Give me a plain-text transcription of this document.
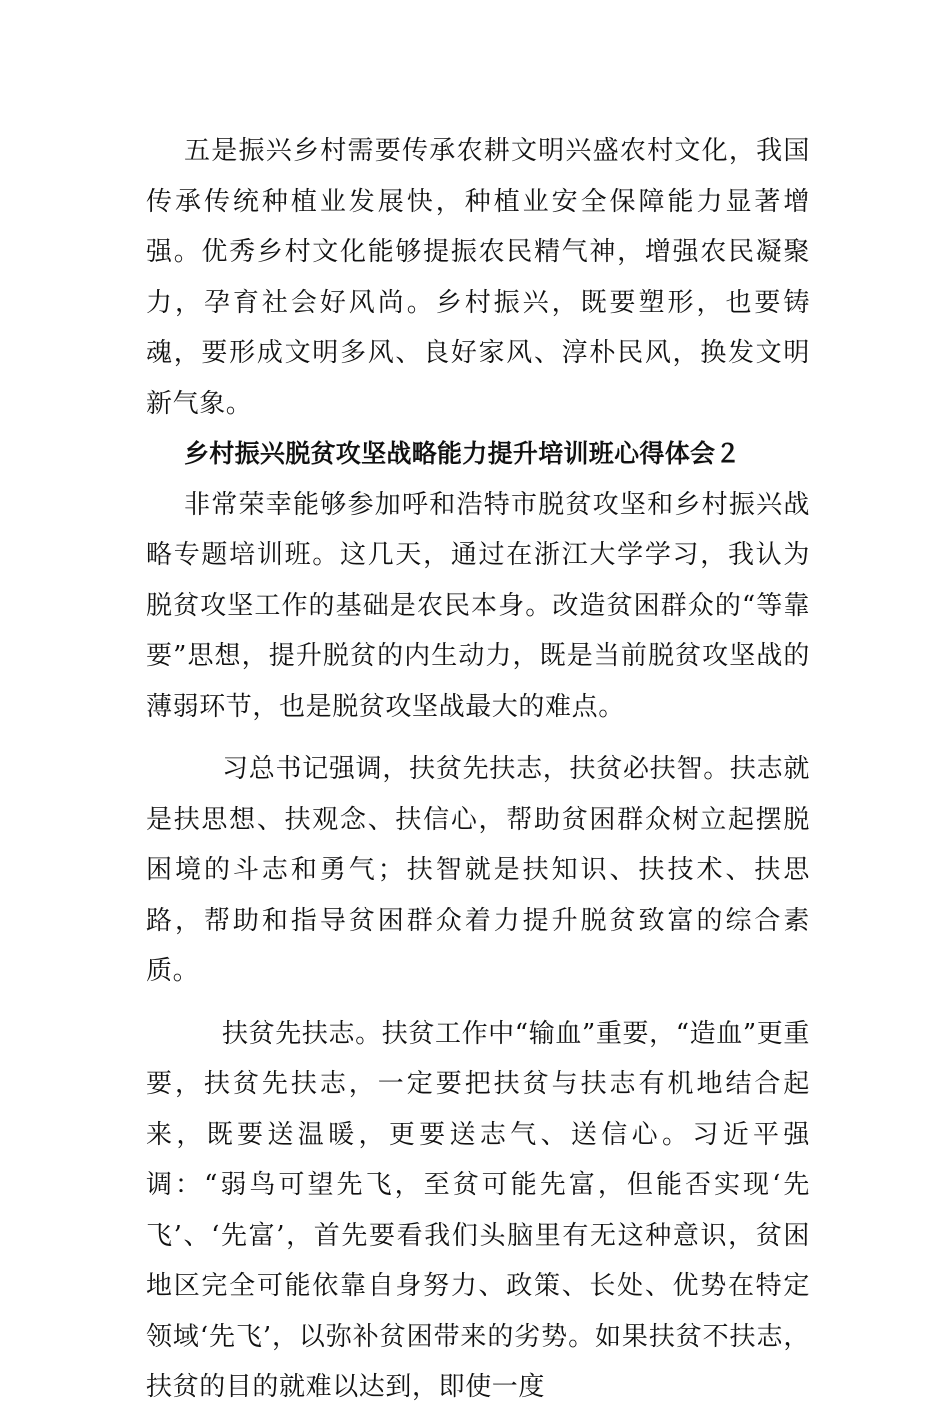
五是振兴乡村需要传承农耕文明兴盛农村文化，我国传承传统种植业发展快，种植业安全保障能力显著增强。优秀乡村文化能够提振农民精气神，增强农民凝聚力，孕育社会好风尚。乡村振兴，既要塑形，也要铸魂，要形成文明多风、良好家风、淳朴民风，换发文明新气象。

乡村振兴脱贫攻坚战略能力提升培训班心得体会２

非常荣幸能够参加呼和浩特市脱贫攻坚和乡村振兴战略专题培训班。这几天，通过在浙江大学学习，我认为脱贫攻坚工作的基础是农民本身。改造贫困群众的“等靠要”思想，提升脱贫的内生动力，既是当前脱贫攻坚战的薄弱环节，也是脱贫攻坚战最大的难点。

习总书记强调，扶贫先扶志，扶贫必扶智。扶志就是扶思想、扶观念、扶信心，帮助贫困群众树立起摆脱困境的斗志和勇气；扶智就是扶知识、扶技术、扶思路，帮助和指导贫困群众着力提升脱贫致富的综合素质。

扶贫先扶志。扶贫工作中“输血”重要，“造血”更重要，扶贫先扶志，一定要把扶贫与扶志有机地结合起来，既要送温暖，更要送志气、送信心。习近平强调：“弱鸟可望先飞，至贫可能先富，但能否实现‘先飞’、‘先富’，首先要看我们头脑里有无这种意识，贫困地区完全可能依靠自身努力、政策、长处、优势在特定领域‘先飞’，以弥补贫困带来的劣势。如果扶贫不扶志，扶贫的目的就难以达到，即使一度
